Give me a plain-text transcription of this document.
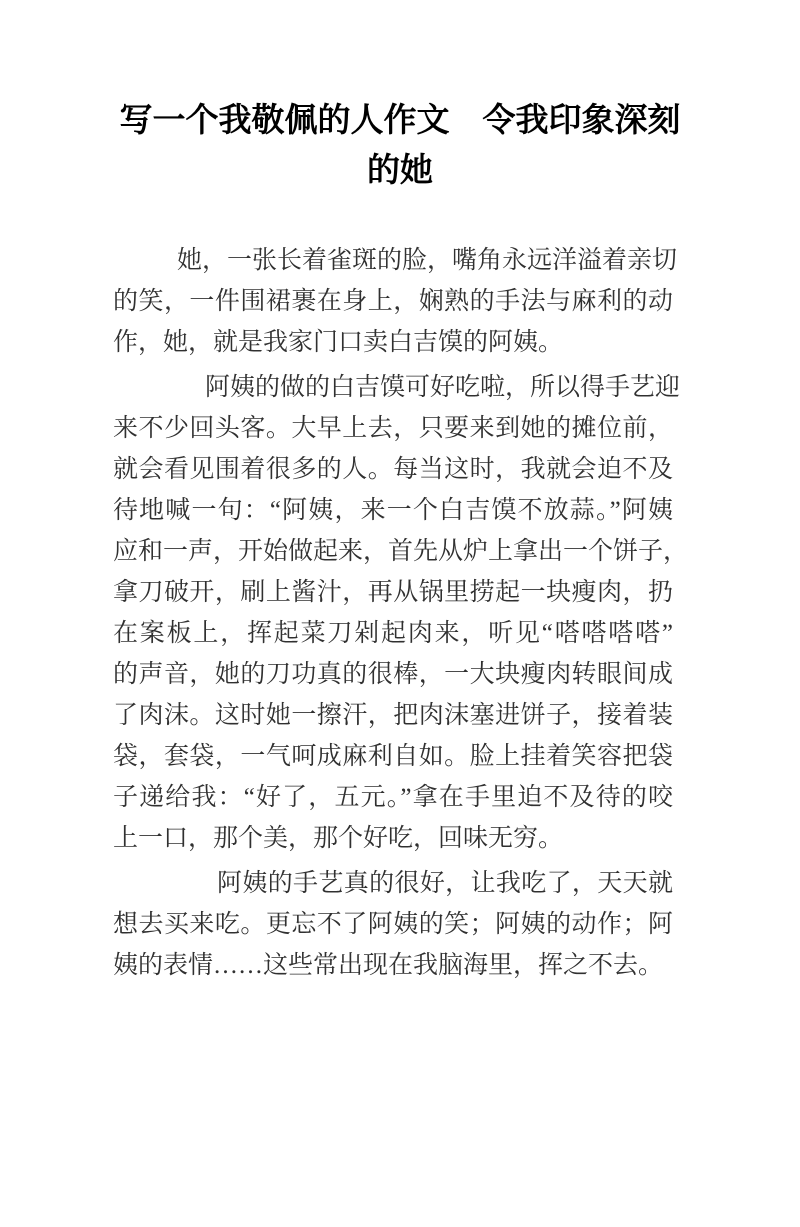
写一个我敬佩的人作文　令我印象深刻
的她
她，一张长着雀斑的脸，嘴角永远洋溢着亲切
的笑，一件围裙裹在身上，娴熟的手法与麻利的动
作，她，就是我家门口卖白吉馍的阿姨。
阿姨的做的白吉馍可好吃啦，所以得手艺迎
来不少回头客。大早上去，只要来到她的摊位前，
就会看见围着很多的人。每当这时，我就会迫不及
待地喊一句：“阿姨，来一个白吉馍不放蒜。”阿姨
应和一声，开始做起来，首先从炉上拿出一个饼子，
拿刀破开，刷上酱汁，再从锅里捞起一块瘦肉，扔
在案板上，挥起菜刀剁起肉来，听见“嗒嗒嗒嗒”
的声音，她的刀功真的很棒，一大块瘦肉转眼间成
了肉沫。这时她一擦汗，把肉沫塞进饼子，接着装
袋，套袋，一气呵成麻利自如。脸上挂着笑容把袋
子递给我：“好了，五元。”拿在手里迫不及待的咬
上一口，那个美，那个好吃，回味无穷。
阿姨的手艺真的很好，让我吃了，天天就
想去买来吃。更忘不了阿姨的笑；阿姨的动作；阿
姨的表情……这些常出现在我脑海里，挥之不去。
